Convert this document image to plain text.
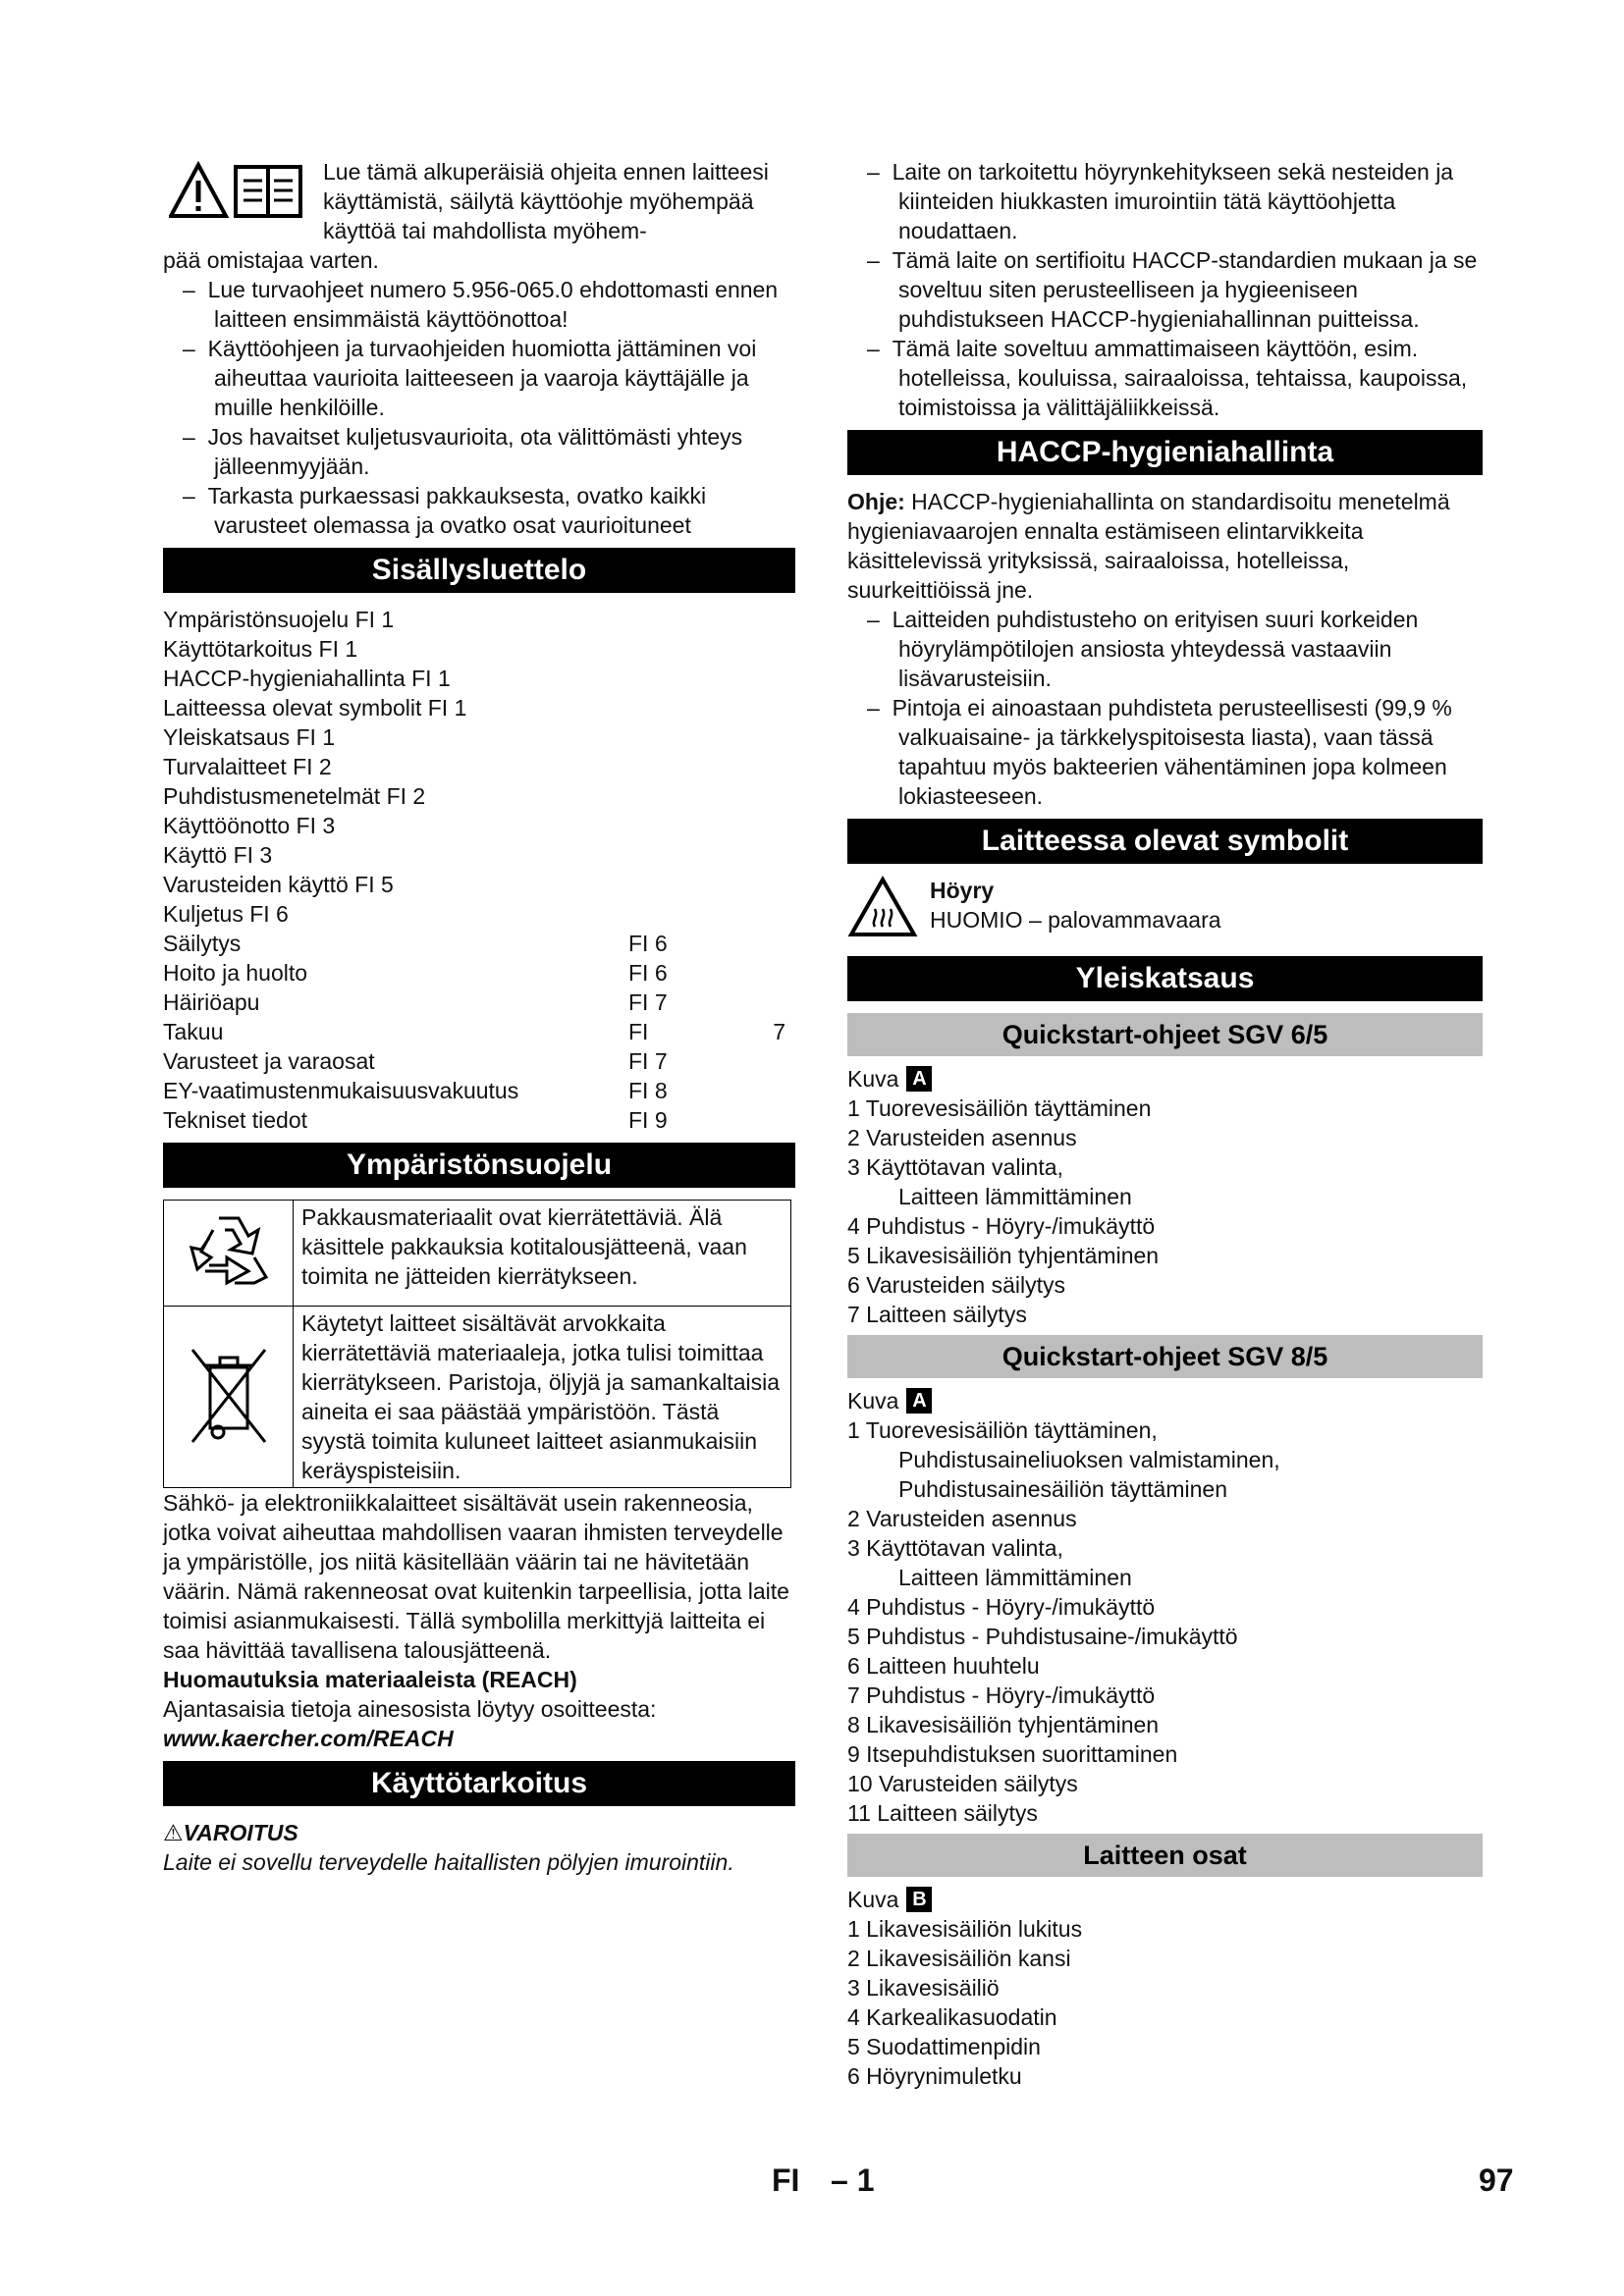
Lue tämä alkuperäisiä ohjeita ennen laitteesi käyttämistä, säilytä käyttöohje myöhempää käyttöä tai mahdollista myöhem-

pää omistajaa varten.

–  Lue turvaohjeet numero 5.956-065.0 ehdottomasti ennen laitteen ensimmäistä käyttöönottoa!

–  Käyttöohjeen ja turvaohjeiden huomiotta jättäminen voi aiheuttaa vaurioita laitteeseen ja vaaroja käyttäjälle ja muille henkilöille.

–  Jos havaitset kuljetusvaurioita, ota välittömästi yhteys jälleenmyyjään.

–  Tarkasta purkaessasi pakkauksesta, ovatko kaikki varusteet olemassa ja ovatko osat vaurioituneet

Sisällysluettelo
Ympäristönsuojelu FI 1
Käyttötarkoitus FI 1
HACCP-hygieniahallinta FI 1
Laitteessa olevat symbolit FI 1
Yleiskatsaus FI 1
Turvalaitteet FI 2
Puhdistusmenetelmät FI 2
Käyttöönotto FI 3
Käyttö FI 3
Varusteiden käyttö FI 5
Kuljetus FI 6
Säilytys	FI 6
Hoito ja huolto	FI 6
Häiriöapu	FI 7
Takuu	FI	7
Varusteet ja varaosat	FI 7
EY-vaatimustenmukaisuusvakuutus	FI 8
Tekniset tiedot	FI 9
Ympäristönsuojelu
	Pakkausmateriaalit ovat kierrätettäviä. Älä käsittele pakkauksia kotitalousjätteenä, vaan toimita ne jätteiden kierrätykseen.
	Käytetyt laitteet sisältävät arvokkaita kierrätettäviä materiaaleja, jotka tulisi toimittaa kierrätykseen. Paristoja, öljyjä ja samankaltaisia aineita ei saa päästää ympäristöön. Tästä syystä toimita kuluneet laitteet asianmukaisiin keräyspisteisiin.

Sähkö- ja elektroniikkalaitteet sisältävät usein rakenneosia, jotka voivat aiheuttaa mahdollisen vaaran ihmisten terveydelle ja ympäristölle, jos niitä käsitellään väärin tai ne hävitetään väärin. Nämä rakenneosat ovat kuitenkin tarpeellisia, jotta laite toimisi asianmukaisesti. Tällä symbolilla merkittyjä laitteita ei saa hävittää tavallisena talousjätteenä.

Huomautuksia materiaaleista (REACH)

Ajantasaisia tietoja ainesosista löytyy osoitteesta:

www.kaercher.com/REACH

Käyttötarkoitus

⚠VAROITUS

Laite ei sovellu terveydelle haitallisten pölyjen imurointiin.

–  Laite on tarkoitettu höyrynkehitykseen sekä nesteiden ja kiinteiden hiukkasten imurointiin tätä käyttöohjetta noudattaen.

–  Tämä laite on sertifioitu HACCP-standardien mukaan ja se soveltuu siten perusteelliseen ja hygieeniseen puhdistukseen HACCP-hygieniahallinnan puitteissa.

–  Tämä laite soveltuu ammattimaiseen käyttöön, esim. hotelleissa, kouluissa, sairaaloissa, tehtaissa, kaupoissa, toimistoissa ja välittäjäliikkeissä.

HACCP-hygieniahallinta

Ohje: HACCP-hygieniahallinta on standardisoitu menetelmä hygieniavaarojen ennalta estämiseen elintarvikkeita käsittelevissä yrityksissä, sairaaloissa, hotelleissa, suurkeittiöissä jne.

–  Laitteiden puhdistusteho on erityisen suuri korkeiden höyrylämpötilojen ansiosta yhteydessä vastaaviin lisävarusteisiin.

–  Pintoja ei ainoastaan puhdisteta perusteellisesti (99,9 % valkuaisaine- ja tärkkelyspitoisesta liasta), vaan tässä tapahtuu myös bakteerien vähentäminen jopa kolmeen lokiasteeseen.

Laitteessa olevat symbolit

Höyry

HUOMIO – palovammavaara

Yleiskatsaus
Quickstart-ohjeet SGV 6/5
Kuva A

1 Tuorevesisäiliön täyttäminen

2 Varusteiden asennus

3 Käyttötavan valinta,

Laitteen lämmittäminen

4 Puhdistus - Höyry-/imukäyttö

5 Likavesisäiliön tyhjentäminen

6 Varusteiden säilytys

7 Laitteen säilytys

Quickstart-ohjeet SGV 8/5
Kuva A

1 Tuorevesisäiliön täyttäminen,

Puhdistusaineliuoksen valmistaminen,

Puhdistusainesäiliön täyttäminen

2 Varusteiden asennus

3 Käyttötavan valinta,

Laitteen lämmittäminen

4 Puhdistus - Höyry-/imukäyttö

5 Puhdistus - Puhdistusaine-/imukäyttö

6 Laitteen huuhtelu

7 Puhdistus - Höyry-/imukäyttö

8 Likavesisäiliön tyhjentäminen

9 Itsepuhdistuksen suorittaminen

10 Varusteiden säilytys

11 Laitteen säilytys

Laitteen osat
Kuva B

1 Likavesisäiliön lukitus

2 Likavesisäiliön kansi

3 Likavesisäiliö

4 Karkealikasuodatin

5 Suodattimenpidin

6 Höyrynimuletku

FI – 1	97
